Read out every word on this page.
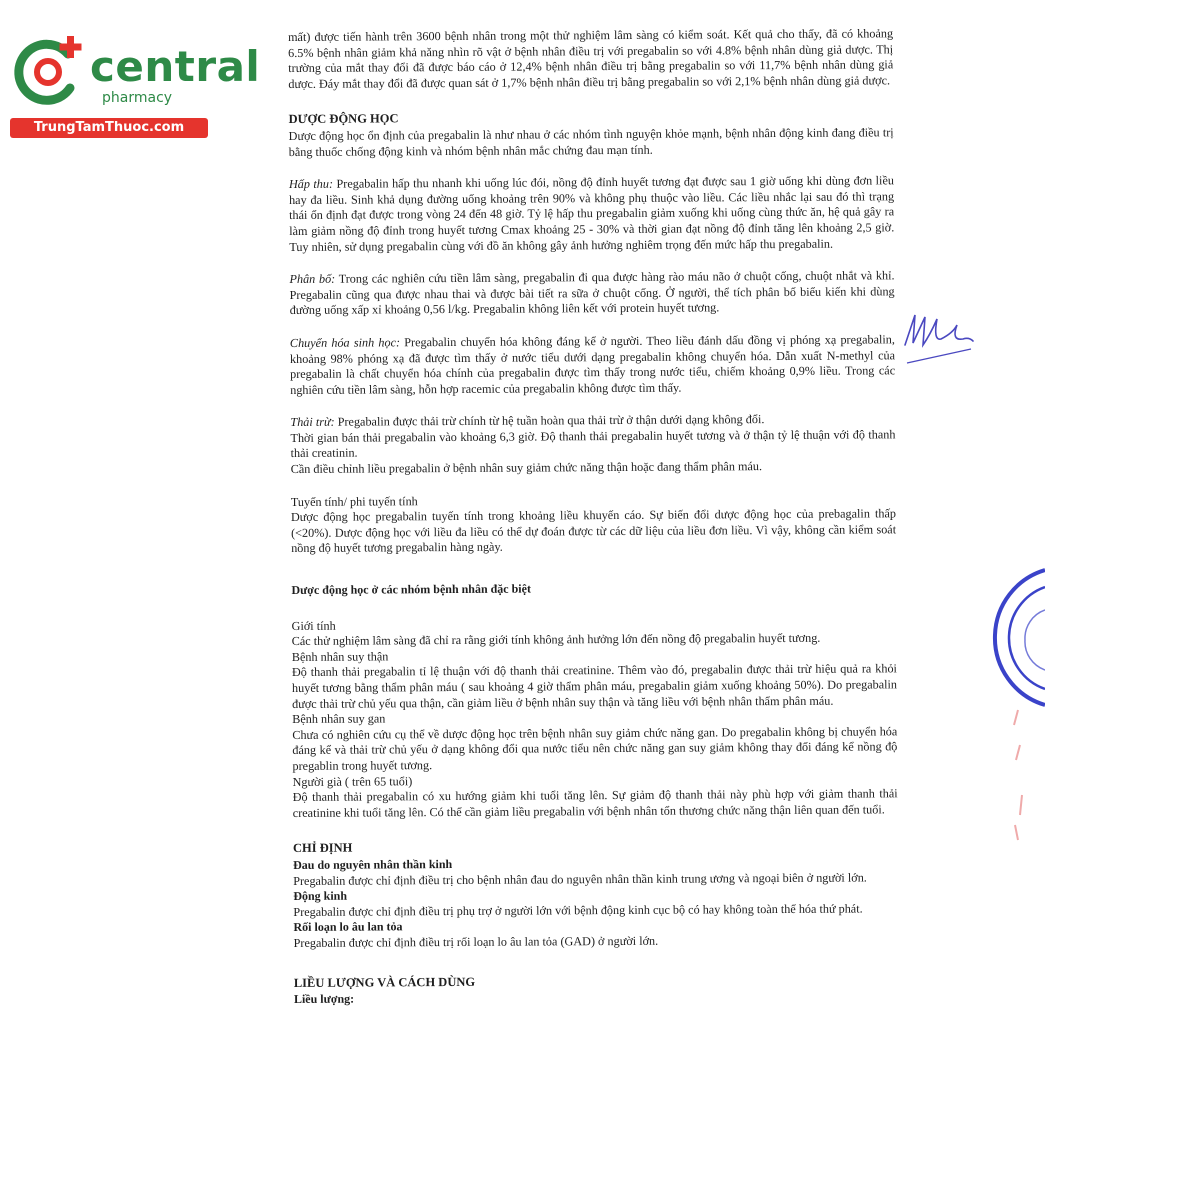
central
pharmacy
TrungTamThuoc.com

mất) được tiến hành trên 3600 bệnh nhân trong một thử nghiệm lâm sàng có kiểm soát. Kết quả cho thấy, đã có khoảng 6.5% bệnh nhân giảm khả năng nhìn rõ vật ở bệnh nhân điều trị với pregabalin so với 4.8% bệnh nhân dùng giả dược. Thị trường của mắt thay đổi đã được báo cáo ở 12,4% bệnh nhân điều trị bằng pregabalin so với 11,7% bệnh nhân dùng giả dược. Đáy mắt thay đổi đã được quan sát ở 1,7% bệnh nhân điều trị bằng pregabalin so với 2,1% bệnh nhân dùng giả dược.

DƯỢC ĐỘNG HỌC

Dược động học ổn định của pregabalin là như nhau ở các nhóm tình nguyện khỏe mạnh, bệnh nhân động kinh đang điều trị bằng thuốc chống động kinh và nhóm bệnh nhân mắc chứng đau mạn tính.

Hấp thu: Pregabalin hấp thu nhanh khi uống lúc đói, nồng độ đỉnh huyết tương đạt được sau 1 giờ uống khi dùng đơn liều hay đa liều. Sinh khả dụng đường uống khoảng trên 90% và không phụ thuộc vào liều. Các liều nhắc lại sau đó thì trạng thái ổn định đạt được trong vòng 24 đến 48 giờ. Tỷ lệ hấp thu pregabalin giảm xuống khi uống cùng thức ăn, hệ quả gây ra làm giảm nồng độ đỉnh trong huyết tương Cmax khoảng 25 - 30% và thời gian đạt nồng độ đỉnh tăng lên khoảng 2,5 giờ. Tuy nhiên, sử dụng pregabalin cùng với đồ ăn không gây ảnh hưởng nghiêm trọng đến mức hấp thu pregabalin.

Phân bố: Trong các nghiên cứu tiền lâm sàng, pregabalin đi qua được hàng rào máu não ở chuột cống, chuột nhắt và khỉ. Pregabalin cũng qua được nhau thai và được bài tiết ra sữa ở chuột cống. Ở người, thể tích phân bố biểu kiến khi dùng đường uống xấp xỉ khoảng 0,56 l/kg. Pregabalin không liên kết với protein huyết tương.

Chuyển hóa sinh học: Pregabalin chuyển hóa không đáng kể ở người. Theo liều đánh dấu đồng vị phóng xạ pregabalin, khoảng 98% phóng xạ đã được tìm thấy ở nước tiểu dưới dạng pregabalin không chuyển hóa. Dẫn xuất N-methyl của pregabalin là chất chuyển hóa chính của pregabalin được tìm thấy trong nước tiểu, chiếm khoảng 0,9% liều. Trong các nghiên cứu tiền lâm sàng, hỗn hợp racemic của pregabalin không được tìm thấy.

Thải trừ: Pregabalin được thải trừ chính từ hệ tuần hoàn qua thải trừ ở thận dưới dạng không đổi.

Thời gian bán thải pregabalin vào khoảng 6,3 giờ. Độ thanh thải pregabalin huyết tương và ở thận tỷ lệ thuận với độ thanh thải creatinin.

Cần điều chỉnh liều pregabalin ở bệnh nhân suy giảm chức năng thận hoặc đang thẩm phân máu.

Tuyến tính/ phi tuyến tính

Dược động học pregabalin tuyến tính trong khoảng liều khuyến cáo. Sự biến đổi dược động học của prebagalin thấp (<20%). Dược động học với liều đa liều có thể dự đoán được từ các dữ liệu của liều đơn liều. Vì vậy, không cần kiểm soát nồng độ huyết tương pregabalin hàng ngày.

Dược động học ở các nhóm bệnh nhân đặc biệt

Giới tính

Các thử nghiệm lâm sàng đã chỉ ra rằng giới tính không ảnh hưởng lớn đến nồng độ pregabalin huyết tương.

Bệnh nhân suy thận

Độ thanh thải pregabalin tỉ lệ thuận với độ thanh thải creatinine. Thêm vào đó, pregabalin được thải trừ hiệu quả ra khỏi huyết tương bằng thẩm phân máu ( sau khoảng 4 giờ thẩm phân máu, pregabalin giảm xuống khoảng 50%). Do pregabalin được thải trừ chủ yếu qua thận, cần giảm liều ở bệnh nhân suy thận và tăng liều với bệnh nhân thẩm phân máu.

Bệnh nhân suy gan

Chưa có nghiên cứu cụ thể về dược động học trên bệnh nhân suy giảm chức năng gan. Do pregabalin không bị chuyển hóa đáng kể và thải trừ chủ yếu ở dạng không đổi qua nước tiểu nên chức năng gan suy giảm không thay đổi đáng kể nồng độ pregablin trong huyết tương.

Người già ( trên 65 tuổi)

Độ thanh thải pregabalin có xu hướng giảm khi tuổi tăng lên. Sự giảm độ thanh thải này phù hợp với giảm thanh thải creatinine khi tuổi tăng lên. Có thể cần giảm liều pregabalin với bệnh nhân tổn thương chức năng thận liên quan đến tuổi.

CHỈ ĐỊNH
Đau do nguyên nhân thần kinh

Pregabalin được chỉ định điều trị cho bệnh nhân đau do nguyên nhân thần kinh trung ương và ngoại biên ở người lớn.

Động kinh

Pregabalin được chỉ định điều trị phụ trợ ở người lớn với bệnh động kinh cục bộ có hay không toàn thể hóa thứ phát.

Rối loạn lo âu lan tỏa

Pregabalin được chỉ định điều trị rối loạn lo âu lan tỏa (GAD) ở người lớn.

LIỀU LƯỢNG VÀ CÁCH DÙNG
Liều lượng:
